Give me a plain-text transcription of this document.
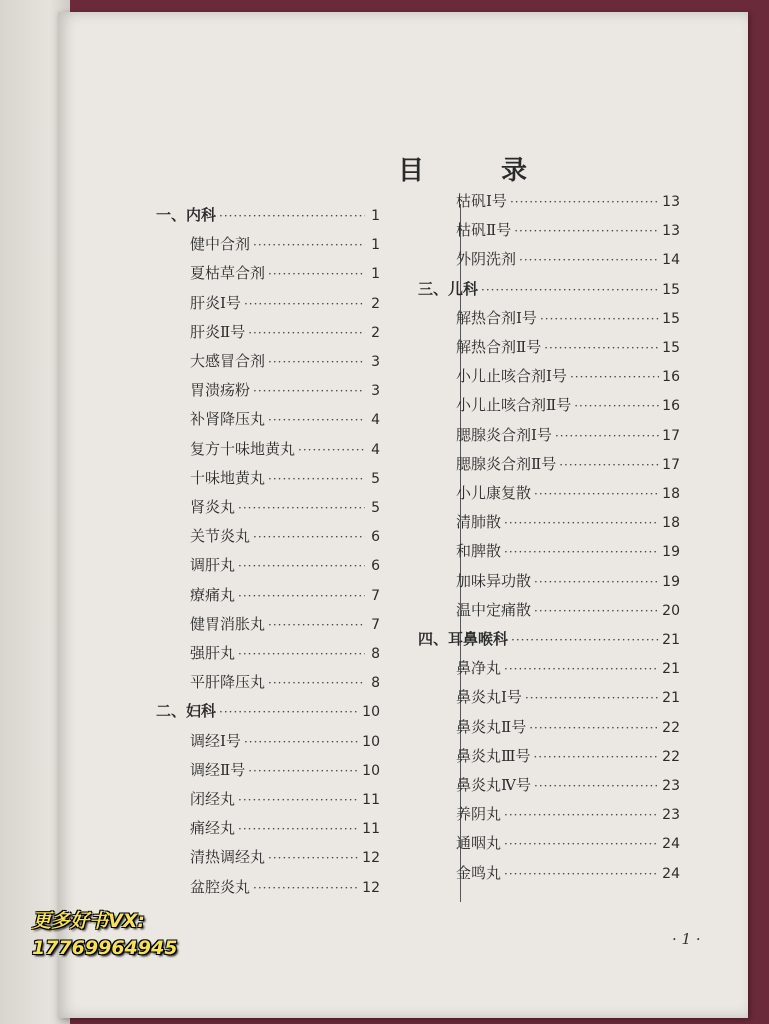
目 录
一、内科 ·····	1
健中合剂 ·····	1
夏枯草合剂 ·····	1
肝炎Ⅰ号 ·····	2
肝炎Ⅱ号 ·····	2
大感冒合剂 ·····	3
胃溃疡粉 ·····	3
补肾降压丸 ·····	4
复方十味地黄丸 ·····	4
十味地黄丸 ·····	5
肾炎丸 ·····	5
关节炎丸 ·····	6
调肝丸 ·····	6
療痛丸 ·····	7
健胃消胀丸 ·····	7
强肝丸 ·····	8
平肝降压丸 ·····	8
二、妇科 ·····	10
调经Ⅰ号 ·····	10
调经Ⅱ号 ·····	10
闭经丸 ·····	11
痛经丸 ·····	11
清热调经丸 ·····	12
盆腔炎丸 ·····	12
枯矾Ⅰ号 ·····	13
枯矾Ⅱ号 ·····	13
外阴洗剂 ·····	14
三、儿科 ·····	15
解热合剂Ⅰ号 ·····	15
解热合剂Ⅱ号 ·····	15
小儿止咳合剂Ⅰ号 ·····	16
小儿止咳合剂Ⅱ号 ·····	16
腮腺炎合剂Ⅰ号 ·····	17
腮腺炎合剂Ⅱ号 ·····	17
小儿康复散 ·····	18
清肺散 ·····	18
和脾散 ·····	19
加味异功散 ·····	19
温中定痛散 ·····	20
四、耳鼻喉科 ·····	21
鼻净丸 ·····	21
鼻炎丸Ⅰ号 ·····	21
鼻炎丸Ⅱ号 ·····	22
鼻炎丸Ⅲ号 ·····	22
鼻炎丸Ⅳ号 ·····	23
养阴丸 ·····	23
通咽丸 ·····	24
金鸣丸 ·····	24
· 1 ·
更多好书VX:
17769964945
